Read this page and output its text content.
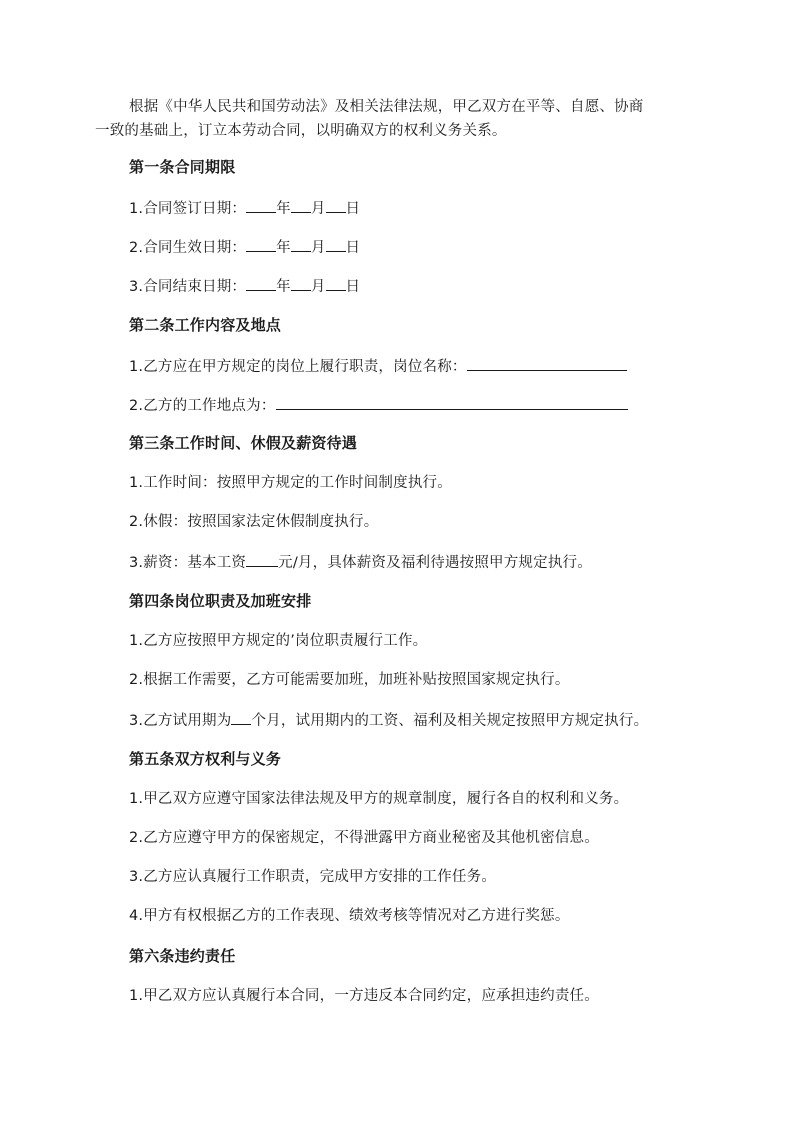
根据《中华人民共和国劳动法》及相关法律法规，甲乙双方在平等、自愿、协商
一致的基础上，订立本劳动合同，以明确双方的权利义务关系。
第一条合同期限
1.合同签订日期： 年 月 日
2.合同生效日期： 年 月 日
3.合同结束日期： 年 月 日
第二条工作内容及地点
1.乙方应在甲方规定的岗位上履行职责，岗位名称：
2.乙方的工作地点为：
第三条工作时间、休假及薪资待遇
1.工作时间：按照甲方规定的工作时间制度执行。
2.休假：按照国家法定休假制度执行。
3.薪资：基本工资 元/月，具体薪资及福利待遇按照甲方规定执行。
第四条岗位职责及加班安排
1.乙方应按照甲方规定的’岗位职责履行工作。
2.根据工作需要，乙方可能需要加班，加班补贴按照国家规定执行。
3.乙方试用期为 个月，试用期内的工资、福利及相关规定按照甲方规定执行。
第五条双方权利与义务
1.甲乙双方应遵守国家法律法规及甲方的规章制度，履行各自的权利和义务。
2.乙方应遵守甲方的保密规定，不得泄露甲方商业秘密及其他机密信息。
3.乙方应认真履行工作职责，完成甲方安排的工作任务。
4.甲方有权根据乙方的工作表现、绩效考核等情况对乙方进行奖惩。
第六条违约责任
1.甲乙双方应认真履行本合同，一方违反本合同约定，应承担违约责任。
